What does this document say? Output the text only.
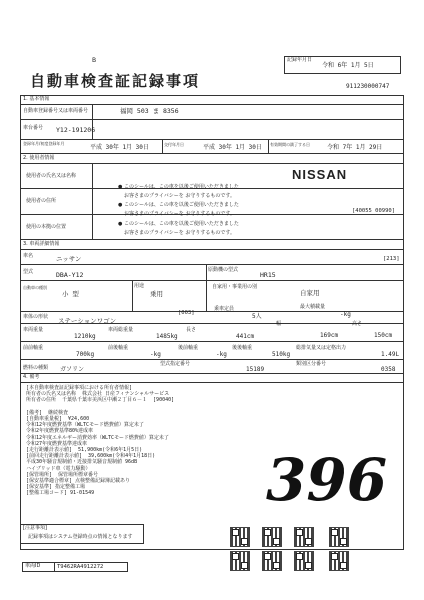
B
自動車検査証記録事項
記録年月日
令和 6年 1月 5日
911230000747
1. 基本情報
自動車登録番号又は車両番号	福岡 503 ま 8356
車台番号 Y12-191206
登録年月/初度登録年月
平成 30年 1月 30日	交付年月日	平成 30年 1月 30日 有効期間の満了する日	令和 7年 1月 29日
2. 使用者情報
使用者の氏名又は名称
使用者の住所
使用の本拠の位置
NISSAN
● このシールは、この車を以後ご使用いただきました
お客さまのプライバシーを お守りするものです。
● このシールは、この車を以後ご使用いただきました
お客さまのプライバシーを お守りするものです。
● このシールは、この車を以後ご使用いただきました
お客さまのプライバシーを お守りするものです。
[40055 00990]
3. 車両詳細情報
車名	ニッサン	[213]
型式	DBA-Y12
原動機の型式
HR15
自動車の種別
小 型
用途
乗用
自家用・事業用の別
自家用
車体の形状 ステーションワゴン
[003]
乗車定員
5人
最大積載量
-kg
車両重量
1210kg
車両総重量
1485kg
長さ
441cm
幅
169cm
高さ
150cm
前前軸重
700kg
前後軸重
-kg
後前軸重
-kg
後後軸重
510kg
総排気量又は定格出力
1.49L
燃料の種類 ガソリン
型式指定番号
15189
類別区分番号
0358
4. 備考
[本自動車検査証記録事項における所有者情報]
所有者の氏名又は名称  株式会社 日産フィナンシャルサービス
所有者の住所  千葉県千葉市美浜区中瀬２丁目６－１  [90040]

[備考]  継続検査
[自動車重量税]  ¥24,600
令和12年度燃費基準（WLTCモード燃費値）算定未了
令和2年度燃費基準80%達成車
令和12年度エネルギー消費効率（WLTCモード燃費値）算定未了
令和27年度燃費基準達成車
[走行距離計表示値]  51,900km(令和6年1月5日)
[前回走行距離計表示値]  39,600km(令和4年1月18日)
平成30年騒音規制値・近接排気騒音規制値 96dB
ハイブリッド車（電力駆動）
[保管場所]  保管場所標章番号
[保安基準適合標章] 点検整備記録簿記載あり
[保安基準] 指定整備工場
[整備工場コード] 91-01549	396
[注意事項]
記録事項はシステム登録時点の情報となります
車両ID	T9462RA4912272
